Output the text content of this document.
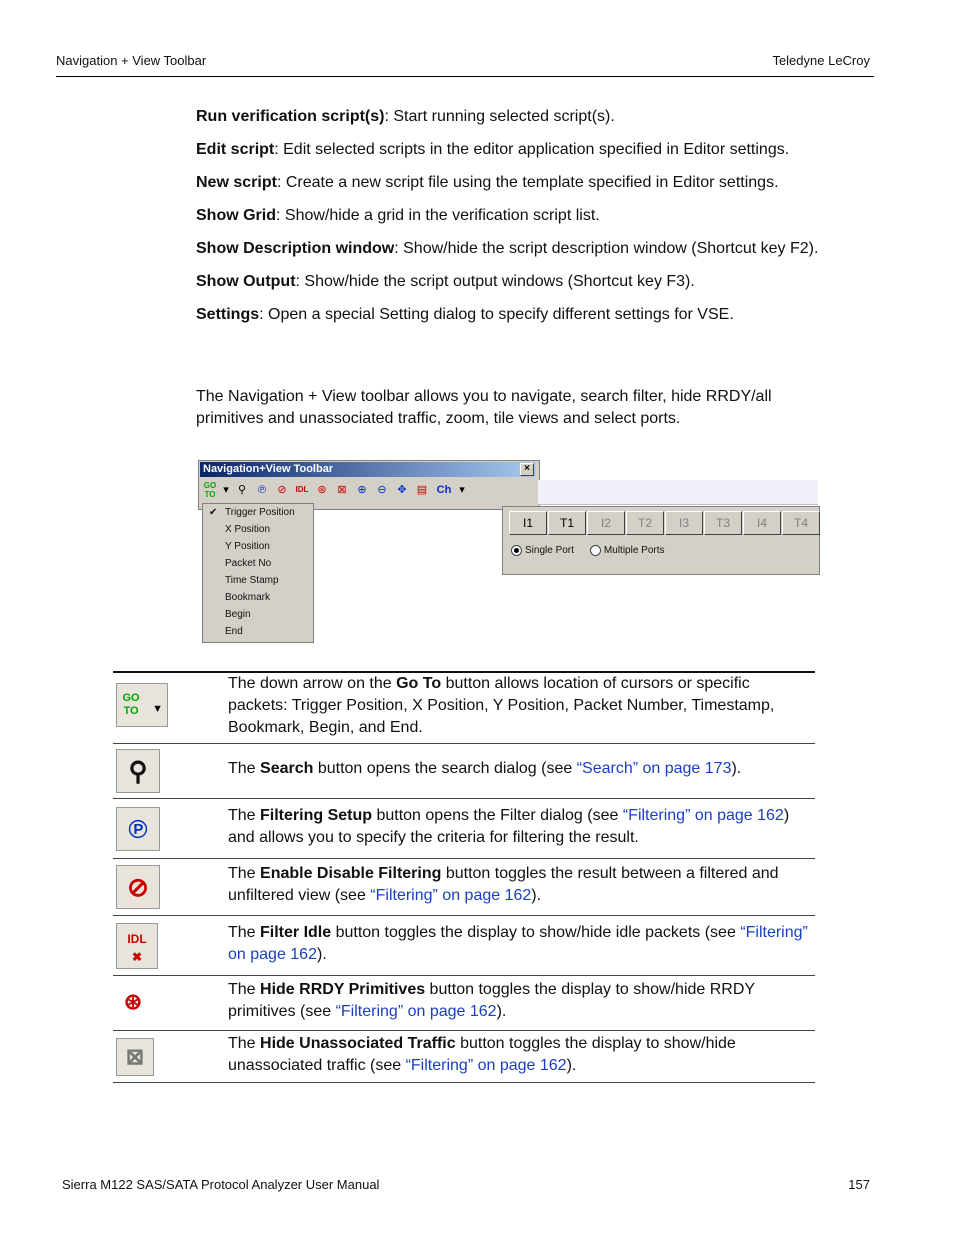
Navigation + View Toolbar	Teledyne LeCroy

Run verification script(s): Start running selected script(s).

Edit script: Edit selected scripts in the editor application specified in Editor settings.

New script: Create a new script file using the template specified in Editor settings.

Show Grid: Show/hide a grid in the verification script list.

Show Description window: Show/hide the script description window (Shortcut key F2).

Show Output: Show/hide the script output windows (Shortcut key F3).

Settings: Open a special Setting dialog to specify different settings for VSE.

The Navigation + View toolbar allows you to navigate, search filter, hide RRDY/all primitives and unassociated traffic, zoom, tile views and select ports.

Navigation+View Toolbar	×
GO
TO ▾ ⚲	℗	⊘	IDL ⊛ ⊠ ⊕ ⊖ ✥ ▤ Ch ▾
✔ Trigger Position
X Position
Y Position
Packet No
Time Stamp
Bookmark
Begin
End
I1	T1	I2	T2	I3	T3	I4	T4
Single Port	Multiple Ports
GO TO ▼	The down arrow on the Go To button allows location of cursors or specific packets: Trigger Position, X Position, Y Position, Packet Number, Timestamp, Bookmark, Begin, and End.
⚲	The Search button opens the search dialog (see “Search” on page 173).
℗	The Filtering Setup button opens the Filter dialog (see “Filtering” on page 162) and allows you to specify the criteria for filtering the result.
⊘	The Enable Disable Filtering button toggles the result between a filtered and unfiltered view (see “Filtering” on page 162).
IDL
✖	The Filter Idle button toggles the display to show/hide idle packets (see “Filtering” on page 162).
⊛	The Hide RRDY Primitives button toggles the display to show/hide RRDY primitives (see “Filtering” on page 162).
⊠	The Hide Unassociated Traffic button toggles the display to show/hide unassociated traffic (see “Filtering” on page 162).
Sierra M122 SAS/SATA Protocol Analyzer User Manual	157
